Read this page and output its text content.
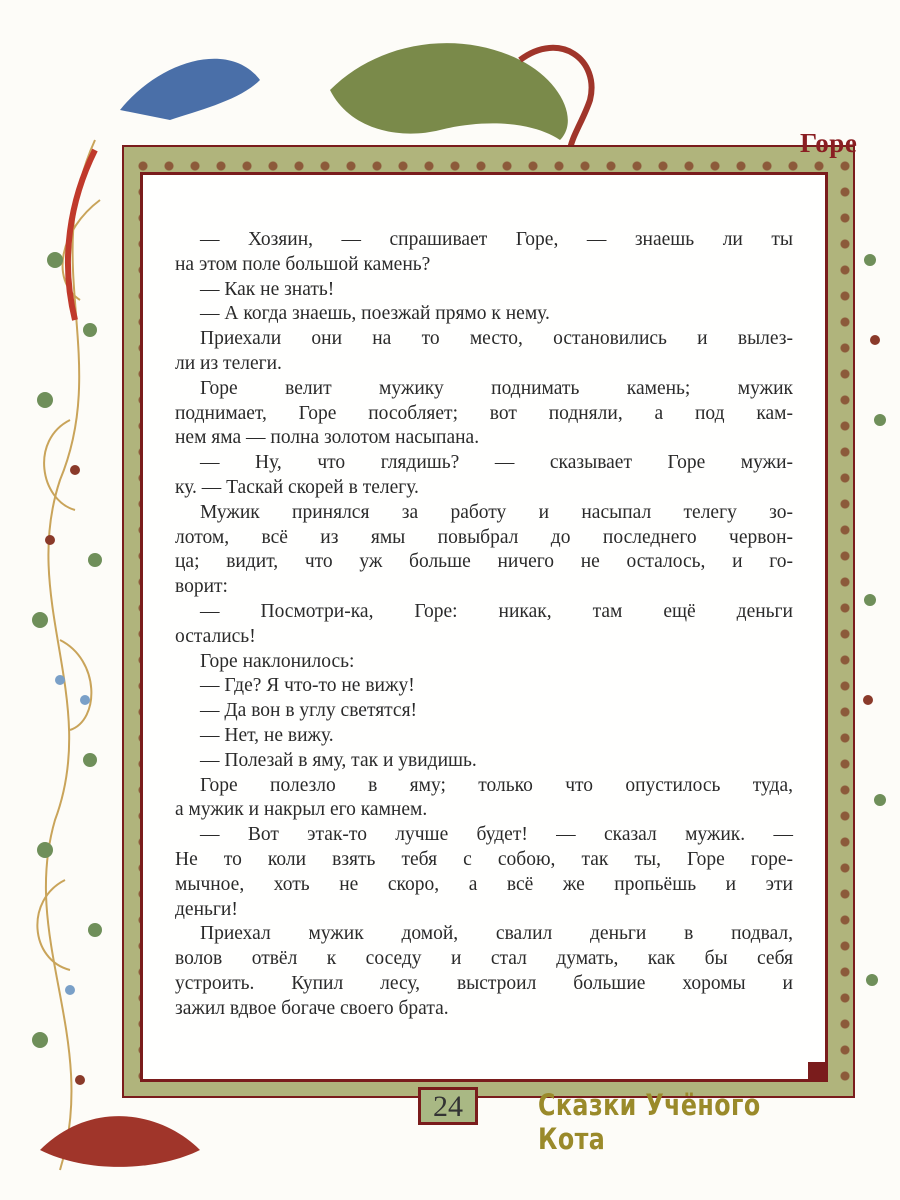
Горе
— Хозяин, — спрашивает Горе, — знаешь ли ты
на этом поле большой камень?
— Как не знать!
— А когда знаешь, поезжай прямо к нему.
Приехали они на то место, остановились и вылез-
ли из телеги.
Горе велит мужику поднимать камень; мужик
поднимает, Горе пособляет; вот подняли, а под кам-
нем яма — полна золотом насыпана.
— Ну, что глядишь? — сказывает Горе мужи-
ку. — Таскай скорей в телегу.
Мужик принялся за работу и насыпал телегу зо-
лотом, всё из ямы повыбрал до последнего червон-
ца; видит, что уж больше ничего не осталось, и го-
ворит:
— Посмотри-ка, Горе: никак, там ещё деньги
остались!
Горе наклонилось:
— Где? Я что-то не вижу!
— Да вон в углу светятся!
— Нет, не вижу.
— Полезай в яму, так и увидишь.
Горе полезло в яму; только что опустилось туда,
а мужик и накрыл его камнем.
— Вот этак-то лучше будет! — сказал мужик. —
Не то коли взять тебя с собою, так ты, Горе горе-
мычное, хоть не скоро, а всё же пропьёшь и эти
деньги!
Приехал мужик домой, свалил деньги в подвал,
волов отвёл к соседу и стал думать, как бы себя
устроить. Купил лесу, выстроил большие хоромы и
зажил вдвое богаче своего брата.
24	Сказки Учёного Кота
